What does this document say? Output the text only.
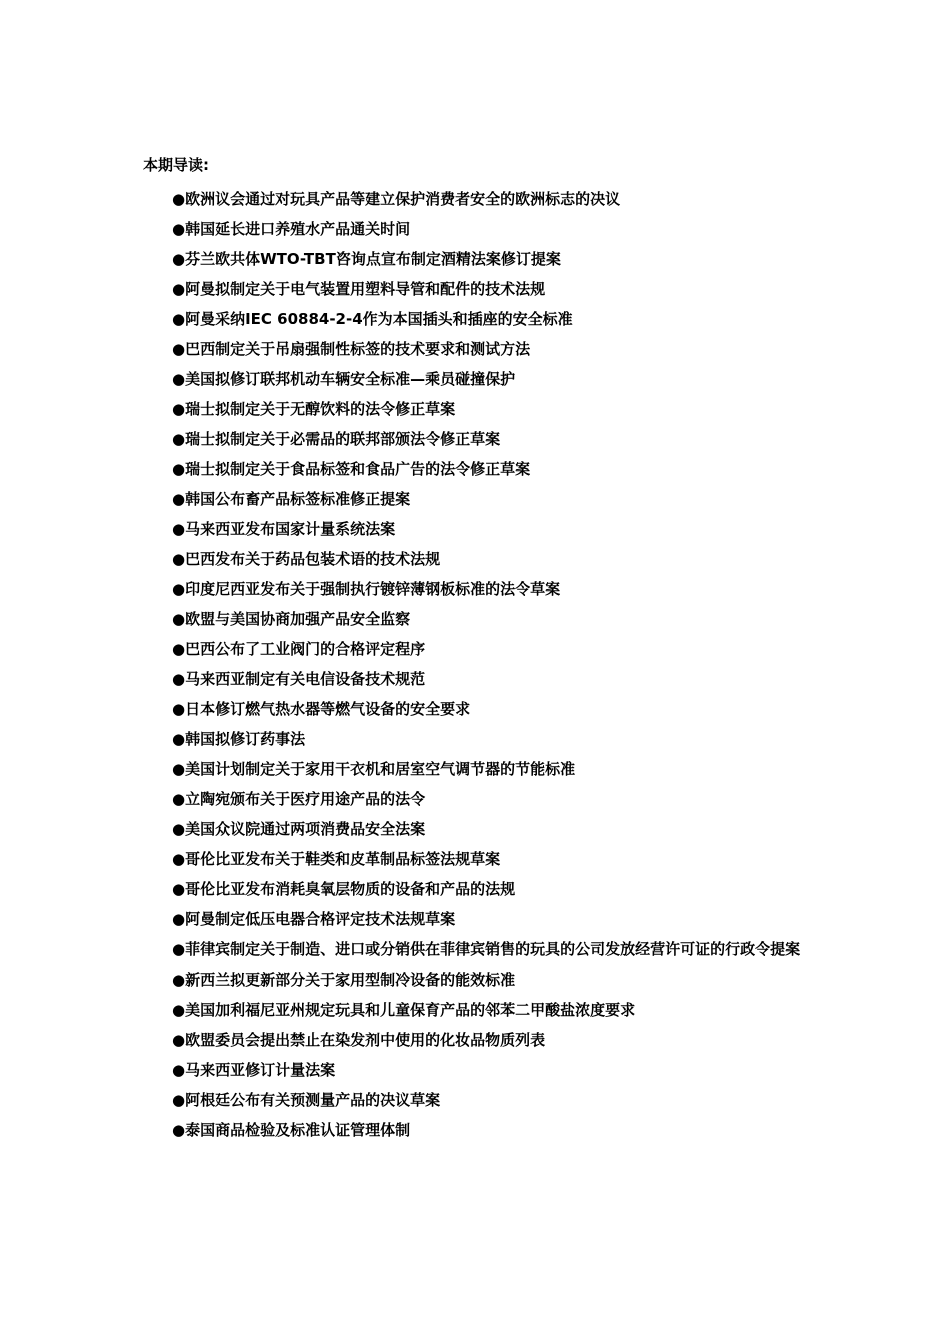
本期导读:
●欧洲议会通过对玩具产品等建立保护消费者安全的欧洲标志的决议
●韩国延长进口养殖水产品通关时间
●芬兰欧共体WTO-TBT咨询点宣布制定酒精法案修订提案
●阿曼拟制定关于电气装置用塑料导管和配件的技术法规
●阿曼采纳IEC 60884-2-4作为本国插头和插座的安全标准
●巴西制定关于吊扇强制性标签的技术要求和测试方法
●美国拟修订联邦机动车辆安全标准—乘员碰撞保护
●瑞士拟制定关于无醇饮料的法令修正草案
●瑞士拟制定关于必需品的联邦部颁法令修正草案
●瑞士拟制定关于食品标签和食品广告的法令修正草案
●韩国公布畜产品标签标准修正提案
●马来西亚发布国家计量系统法案
●巴西发布关于药品包装术语的技术法规
●印度尼西亚发布关于强制执行镀锌薄钢板标准的法令草案
●欧盟与美国协商加强产品安全监察
●巴西公布了工业阀门的合格评定程序
●马来西亚制定有关电信设备技术规范
●日本修订燃气热水器等燃气设备的安全要求
●韩国拟修订药事法
●美国计划制定关于家用干衣机和居室空气调节器的节能标准
●立陶宛颁布关于医疗用途产品的法令
●美国众议院通过两项消费品安全法案
●哥伦比亚发布关于鞋类和皮革制品标签法规草案
●哥伦比亚发布消耗臭氧层物质的设备和产品的法规
●阿曼制定低压电器合格评定技术法规草案
●菲律宾制定关于制造、进口或分销供在菲律宾销售的玩具的公司发放经营许可证的行政令提案
●新西兰拟更新部分关于家用型制冷设备的能效标准
●美国加利福尼亚州规定玩具和儿童保育产品的邻苯二甲酸盐浓度要求
●欧盟委员会提出禁止在染发剂中使用的化妆品物质列表
●马来西亚修订计量法案
●阿根廷公布有关预测量产品的决议草案
●泰国商品检验及标准认证管理体制
